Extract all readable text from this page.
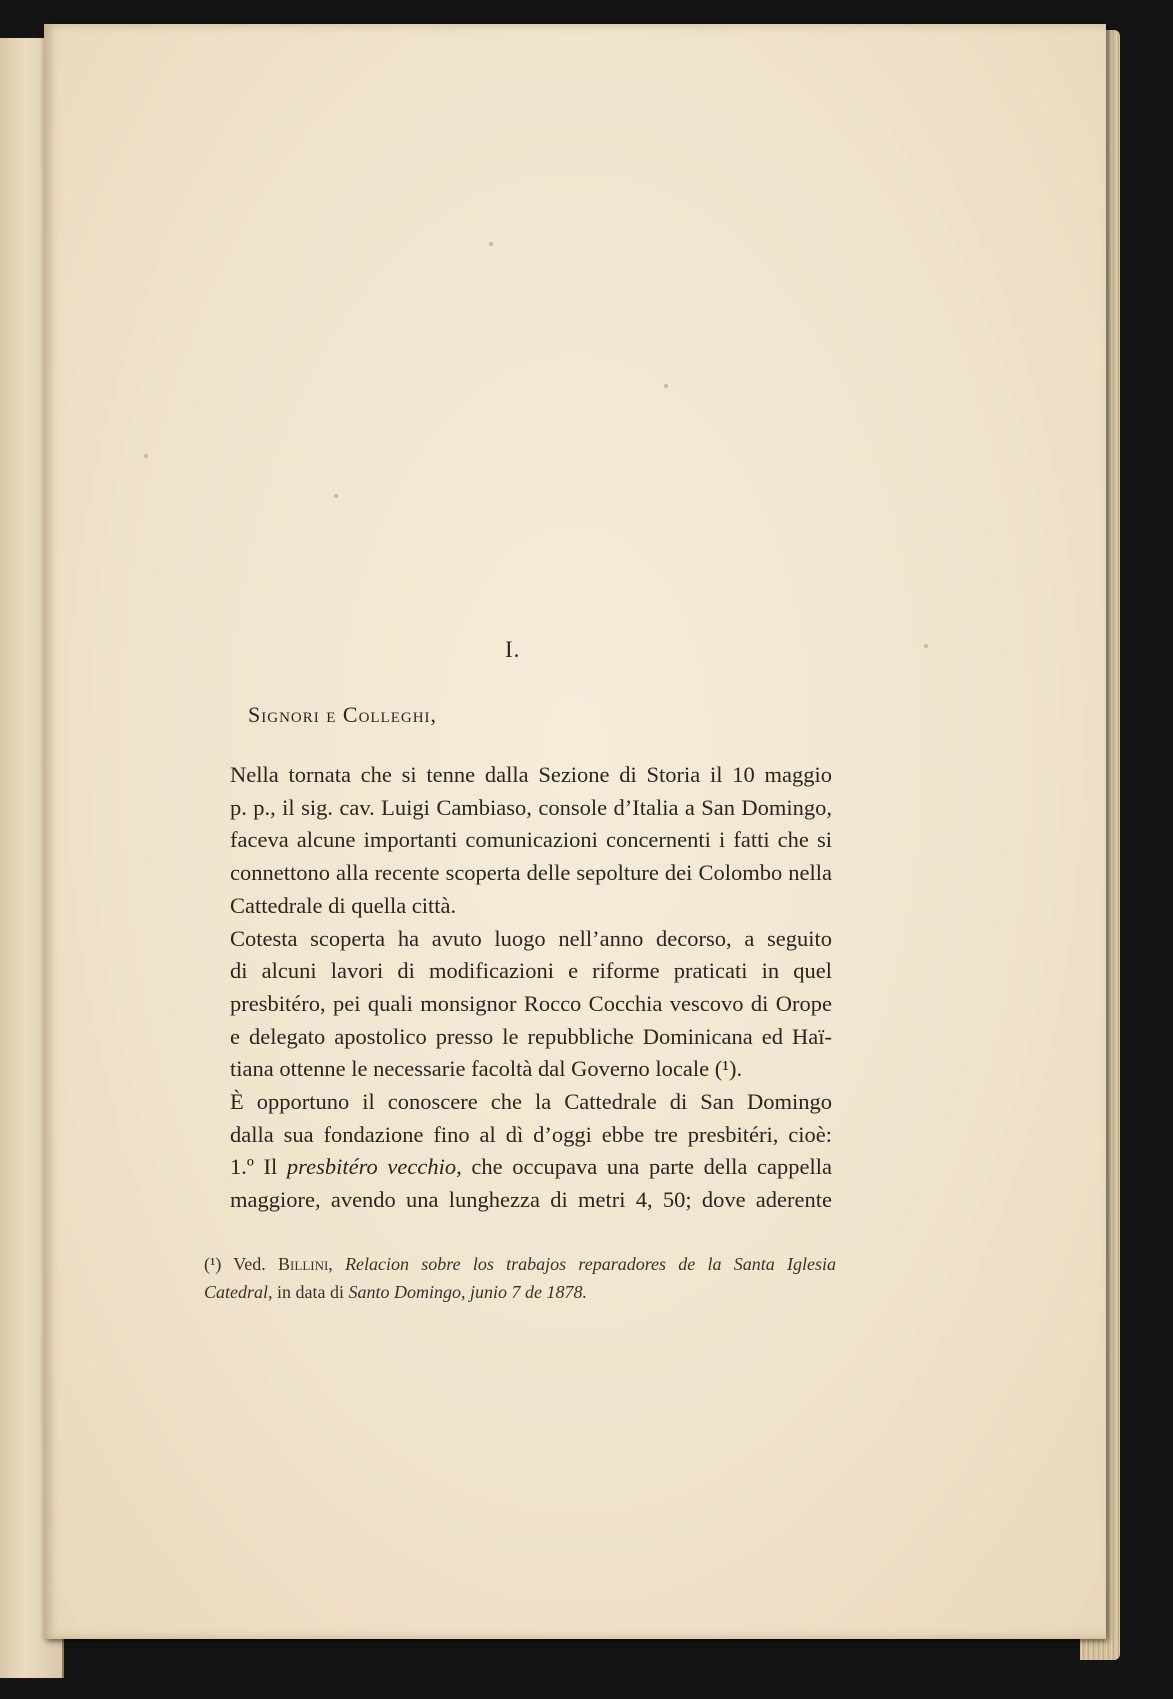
I.
Signori e Colleghi,

Nella tornata che si tenne dalla Sezione di Storia il 10 maggio
p. p., il sig. cav. Luigi Cambiaso, console d’Italia a San Domingo,
faceva alcune importanti comunicazioni concernenti i fatti che si
connettono alla recente scoperta delle sepolture dei Colombo nella
Cattedrale di quella città.

Cotesta scoperta ha avuto luogo nell’anno decorso, a seguito
di alcuni lavori di modificazioni e riforme praticati in quel
presbitéro, pei quali monsignor Rocco Cocchia vescovo di Orope
e delegato apostolico presso le repubbliche Dominicana ed Haï-
tiana ottenne le necessarie facoltà dal Governo locale (¹).

È opportuno il conoscere che la Cattedrale di San Domingo
dalla sua fondazione fino al dì d’oggi ebbe tre presbitéri, cioè:

1.º Il presbitéro vecchio, che occupava una parte della cappella
maggiore, avendo una lunghezza di metri 4, 50; dove aderente

(¹) Ved. Billini, Relacion sobre los trabajos reparadores de la Santa Iglesia
Catedral, in data di Santo Domingo, junio 7 de 1878.
